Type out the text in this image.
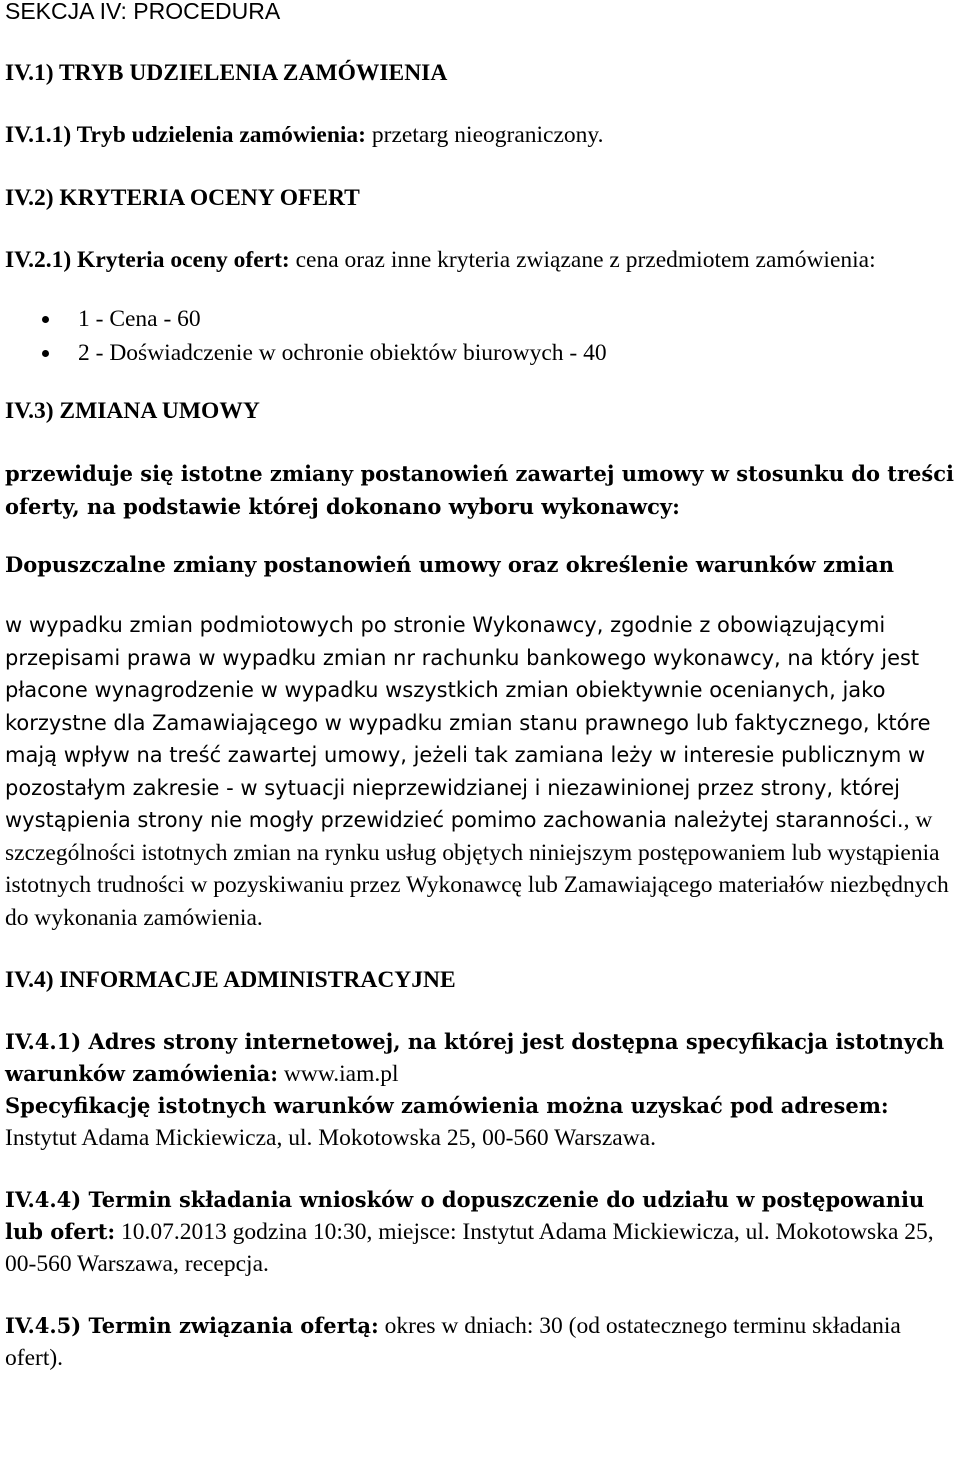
SEKCJA IV: PROCEDURA

IV.1) TRYB UDZIELENIA ZAMÓWIENIA

IV.1.1) Tryb udzielenia zamówienia: przetarg nieograniczony.

IV.2) KRYTERIA OCENY OFERT

IV.2.1) Kryteria oceny ofert: cena oraz inne kryteria związane z przedmiotem zamówienia:

1 - Cena - 60
2 - Doświadczenie w ochronie obiektów biurowych - 40

IV.3) ZMIANA UMOWY

przewiduje się istotne zmiany postanowień zawartej umowy w stosunku do treści oferty, na podstawie której dokonano wyboru wykonawcy:

Dopuszczalne zmiany postanowień umowy oraz określenie warunków zmian

w wypadku zmian podmiotowych po stronie Wykonawcy, zgodnie z obowiązującymi przepisami prawa w wypadku zmian nr rachunku bankowego wykonawcy, na który jest płacone wynagrodzenie w wypadku wszystkich zmian obiektywnie ocenianych, jako korzystne dla Zamawiającego w wypadku zmian stanu prawnego lub faktycznego, które mają wpływ na treść zawartej umowy, jeżeli tak zamiana leży w interesie publicznym w pozostałym zakresie - w sytuacji nieprzewidzianej i niezawinionej przez strony, której wystąpienia strony nie mogły przewidzieć pomimo zachowania należytej staranności., w szczególności istotnych zmian na rynku usług objętych niniejszym postępowaniem lub wystąpienia istotnych trudności w pozyskiwaniu przez Wykonawcę lub Zamawiającego materiałów niezbędnych do wykonania zamówienia.

IV.4) INFORMACJE ADMINISTRACYJNE

IV.4.1) Adres strony internetowej, na której jest dostępna specyfikacja istotnych warunków zamówienia: www.iam.pl
Specyfikację istotnych warunków zamówienia można uzyskać pod adresem: Instytut Adama Mickiewicza, ul. Mokotowska 25, 00-560 Warszawa.

IV.4.4) Termin składania wniosków o dopuszczenie do udziału w postępowaniu lub ofert: 10.07.2013 godzina 10:30, miejsce: Instytut Adama Mickiewicza, ul. Mokotowska 25, 00-560 Warszawa, recepcja.

IV.4.5) Termin związania ofertą: okres w dniach: 30 (od ostatecznego terminu składania ofert).
